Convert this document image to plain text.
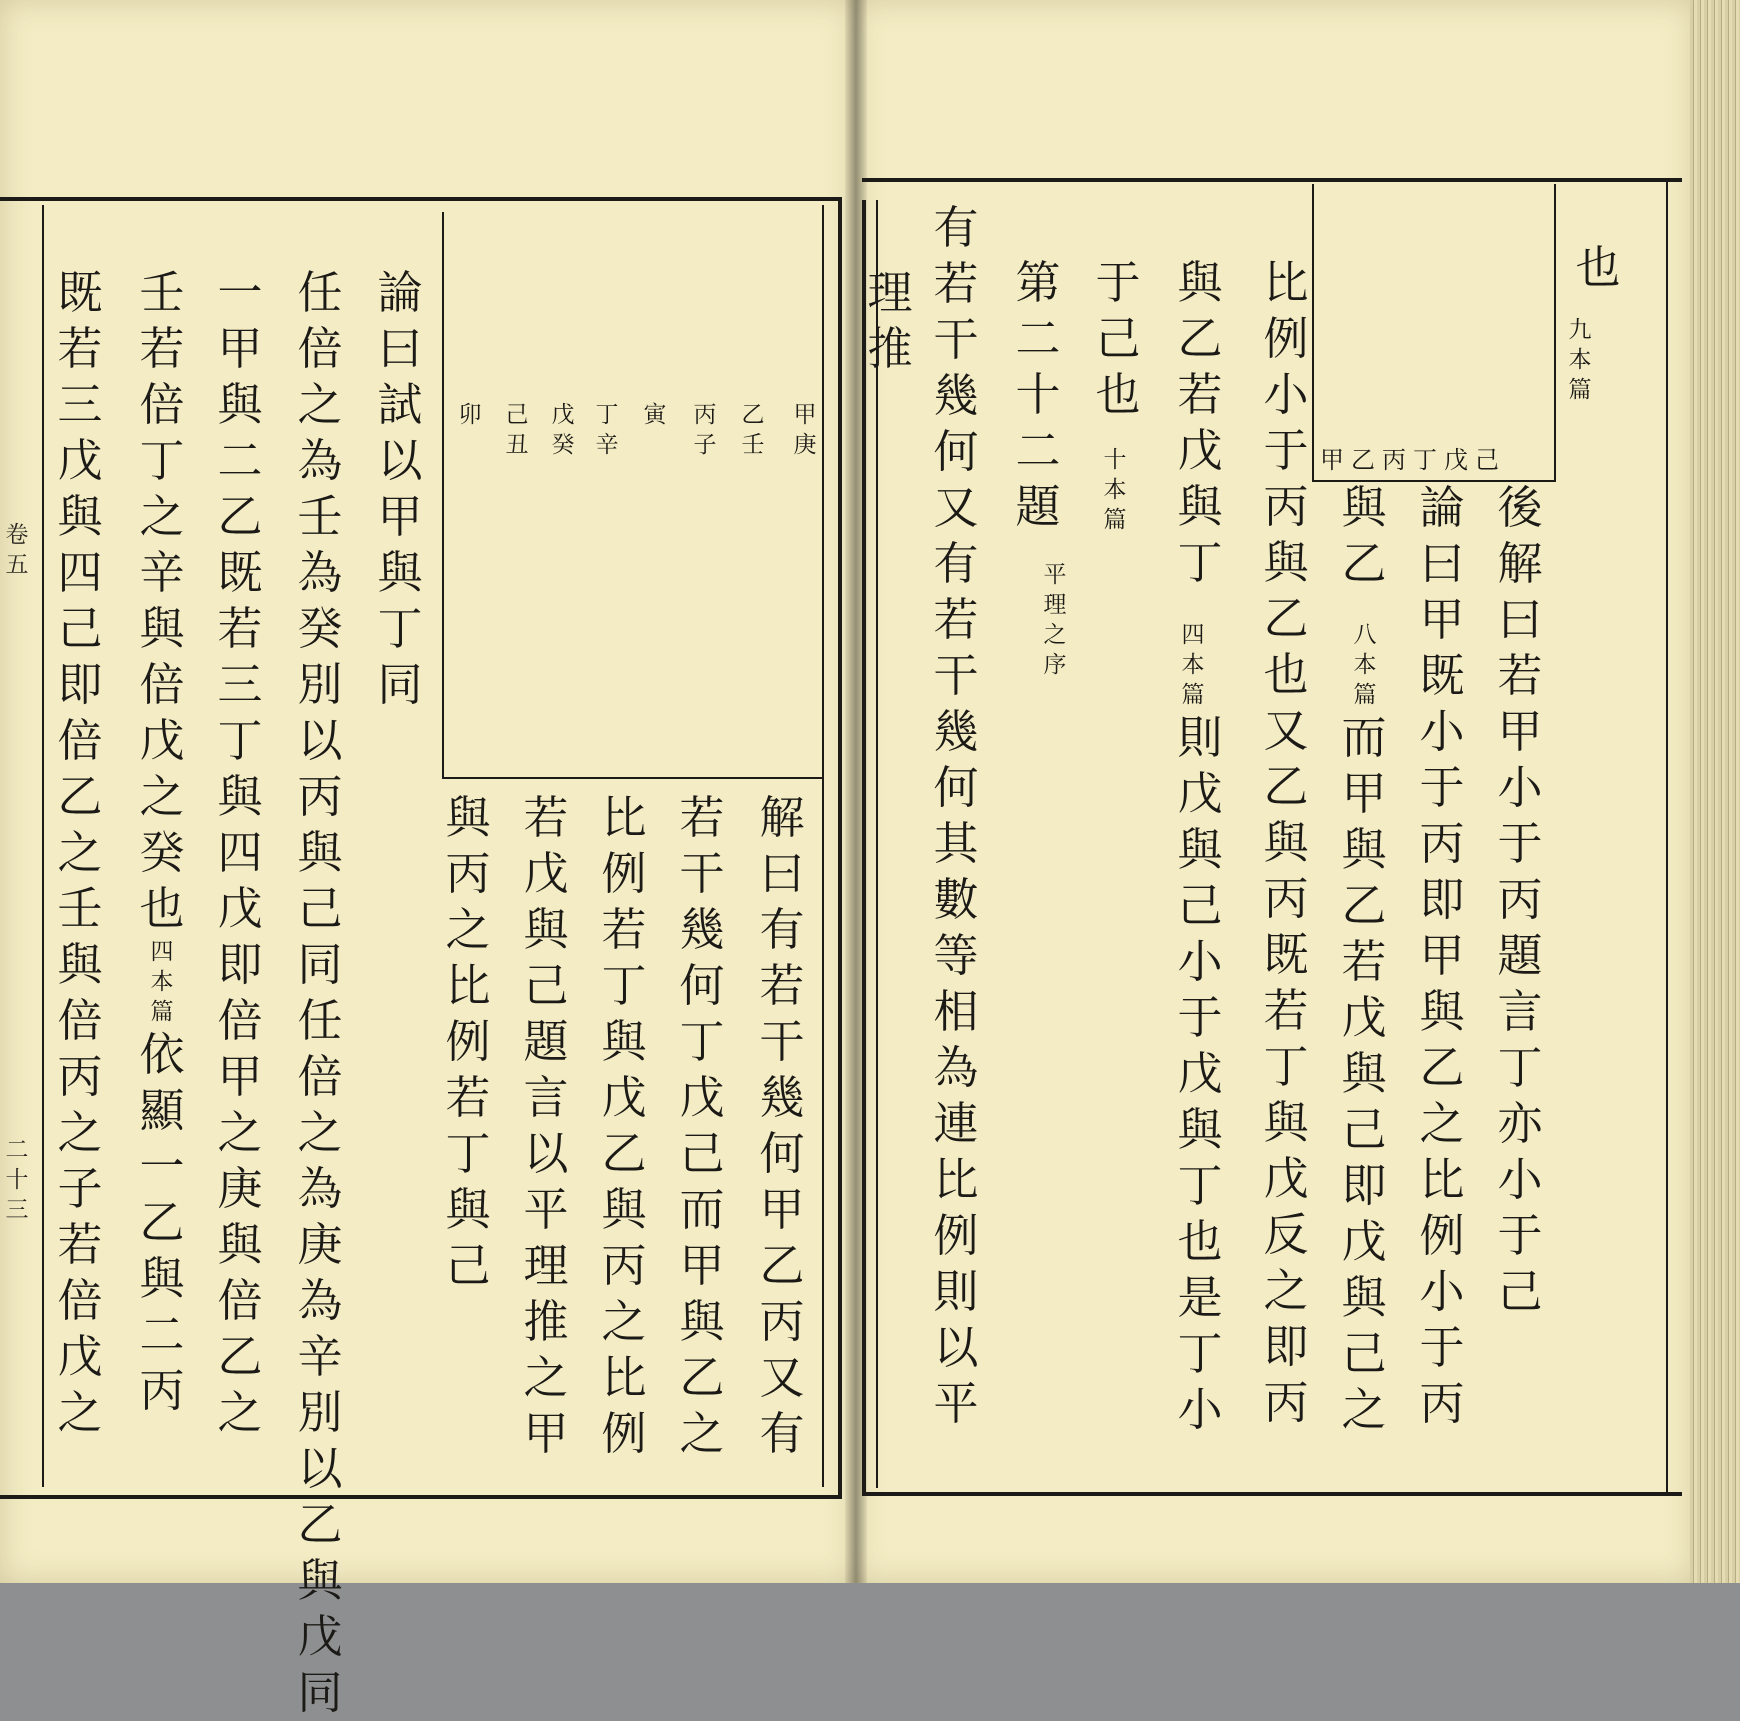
甲
庚
乙
壬
丙
子
寅
丁
辛
戊
癸
己
丑
卯
論
曰
試
以
甲
與
丁
同
任
倍
之
為
壬
為
癸
別
以
丙
與
己
同
任
倍
之
為
庚
為
辛
別
以
乙
與
戊
同
一
甲
與
二
乙
既
若
三
丁
與
四
戊
即
倍
甲
之
庚
與
倍
乙
之
壬
若
倍
丁
之
辛
與
倍
戊
之
癸
也
四
本
篇
依
顯
一
乙
與
二
丙
既
若
三
戊
與
四
己
即
倍
乙
之
壬
與
倍
丙
之
子
若
倍
戊
之
解
曰
有
若
干
幾
何
甲
乙
丙
又
有
若
干
幾
何
丁
戊
己
而
甲
與
乙
之
比
例
若
丁
與
戊
乙
與
丙
之
比
例
若
戊
與
己
題
言
以
平
理
推
之
甲
與
丙
之
比
例
若
丁
與
己
甲乙丙丁戊己
也
九
本
篇
後
解
曰
若
甲
小
于
丙
題
言
丁
亦
小
于
己
論
曰
甲
既
小
于
丙
即
甲
與
乙
之
比
例
小
于
丙
與
乙
八
本
篇
而
甲
與
乙
若
戊
與
己
即
戊
與
己
之
比
例
小
于
丙
與
乙
也
又
乙
與
丙
既
若
丁
與
戊
反
之
即
丙
與
乙
若
戊
與
丁
四
本
篇
則
戊
與
己
小
于
戊
與
丁
也
是
丁
小
于
己
也
十
本
篇
第
二
十
二
題
平
理
之
序
有
若
干
幾
何
又
有
若
干
幾
何
其
數
等
相
為
連
比
例
則
以
平
理
推
卷
五
二
十
三
